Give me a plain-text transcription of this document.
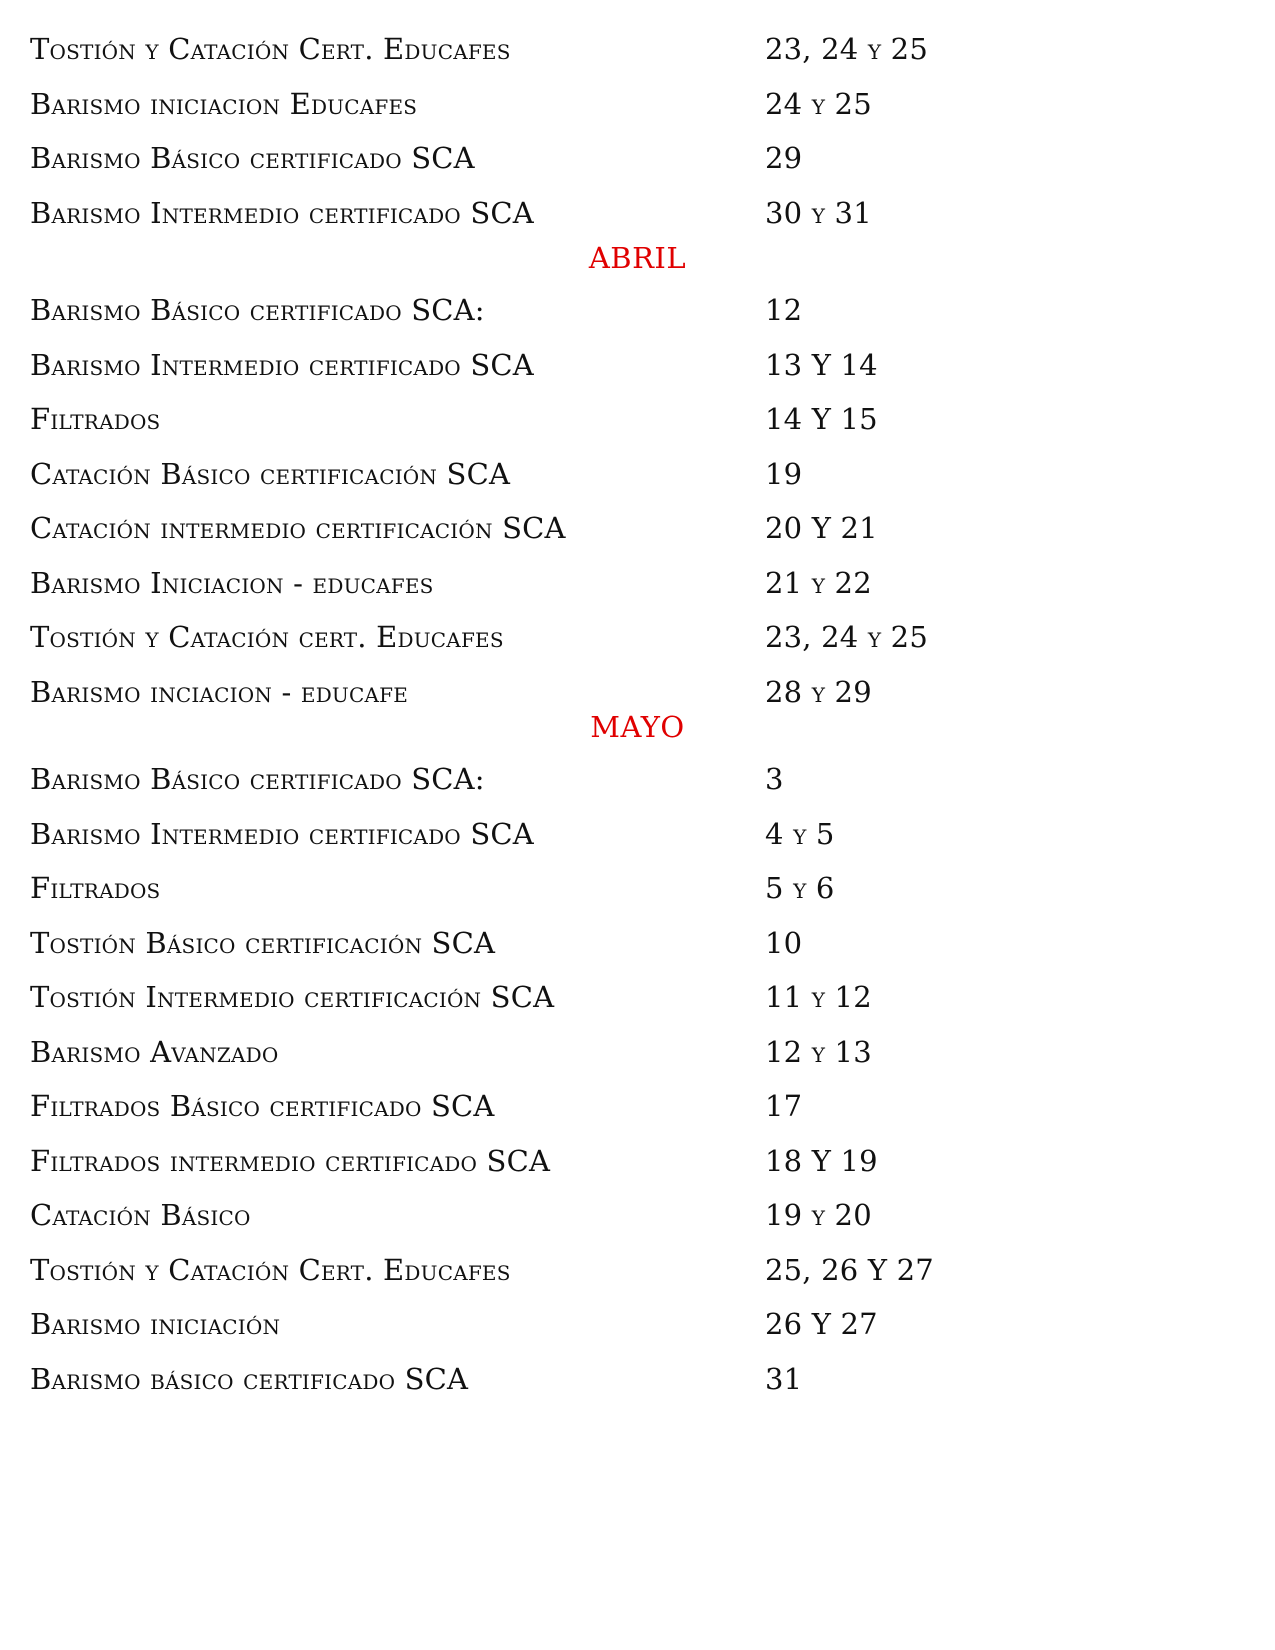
Tostión y Catación Cert. Educafes	23, 24 y 25
Barismo iniciacion Educafes	24 y 25
Barismo Básico certificado SCA	29
Barismo Intermedio certificado SCA	30 y 31
ABRIL
Barismo Básico certificado SCA:	12
Barismo Intermedio certificado SCA	13 Y 14
Filtrados	14 Y 15
Catación Básico certificación SCA	19
Catación intermedio certificación SCA	20 Y 21
Barismo Iniciacion - educafes	21 y 22
Tostión y Catación cert. Educafes	23, 24 y 25
Barismo inciacion - educafe	28 y 29
MAYO
Barismo Básico certificado SCA:	3
Barismo Intermedio certificado SCA	4 y 5
Filtrados	5 y 6
Tostión Básico certificación SCA	10
Tostión Intermedio certificación SCA	11 y 12
Barismo Avanzado	12 y 13
Filtrados Básico certificado SCA	17
Filtrados intermedio certificado SCA	18 Y 19
Catación Básico	19 y 20
Tostión y Catación Cert. Educafes	25, 26 Y 27
Barismo iniciación	26 Y 27
Barismo básico certificado SCA	31
